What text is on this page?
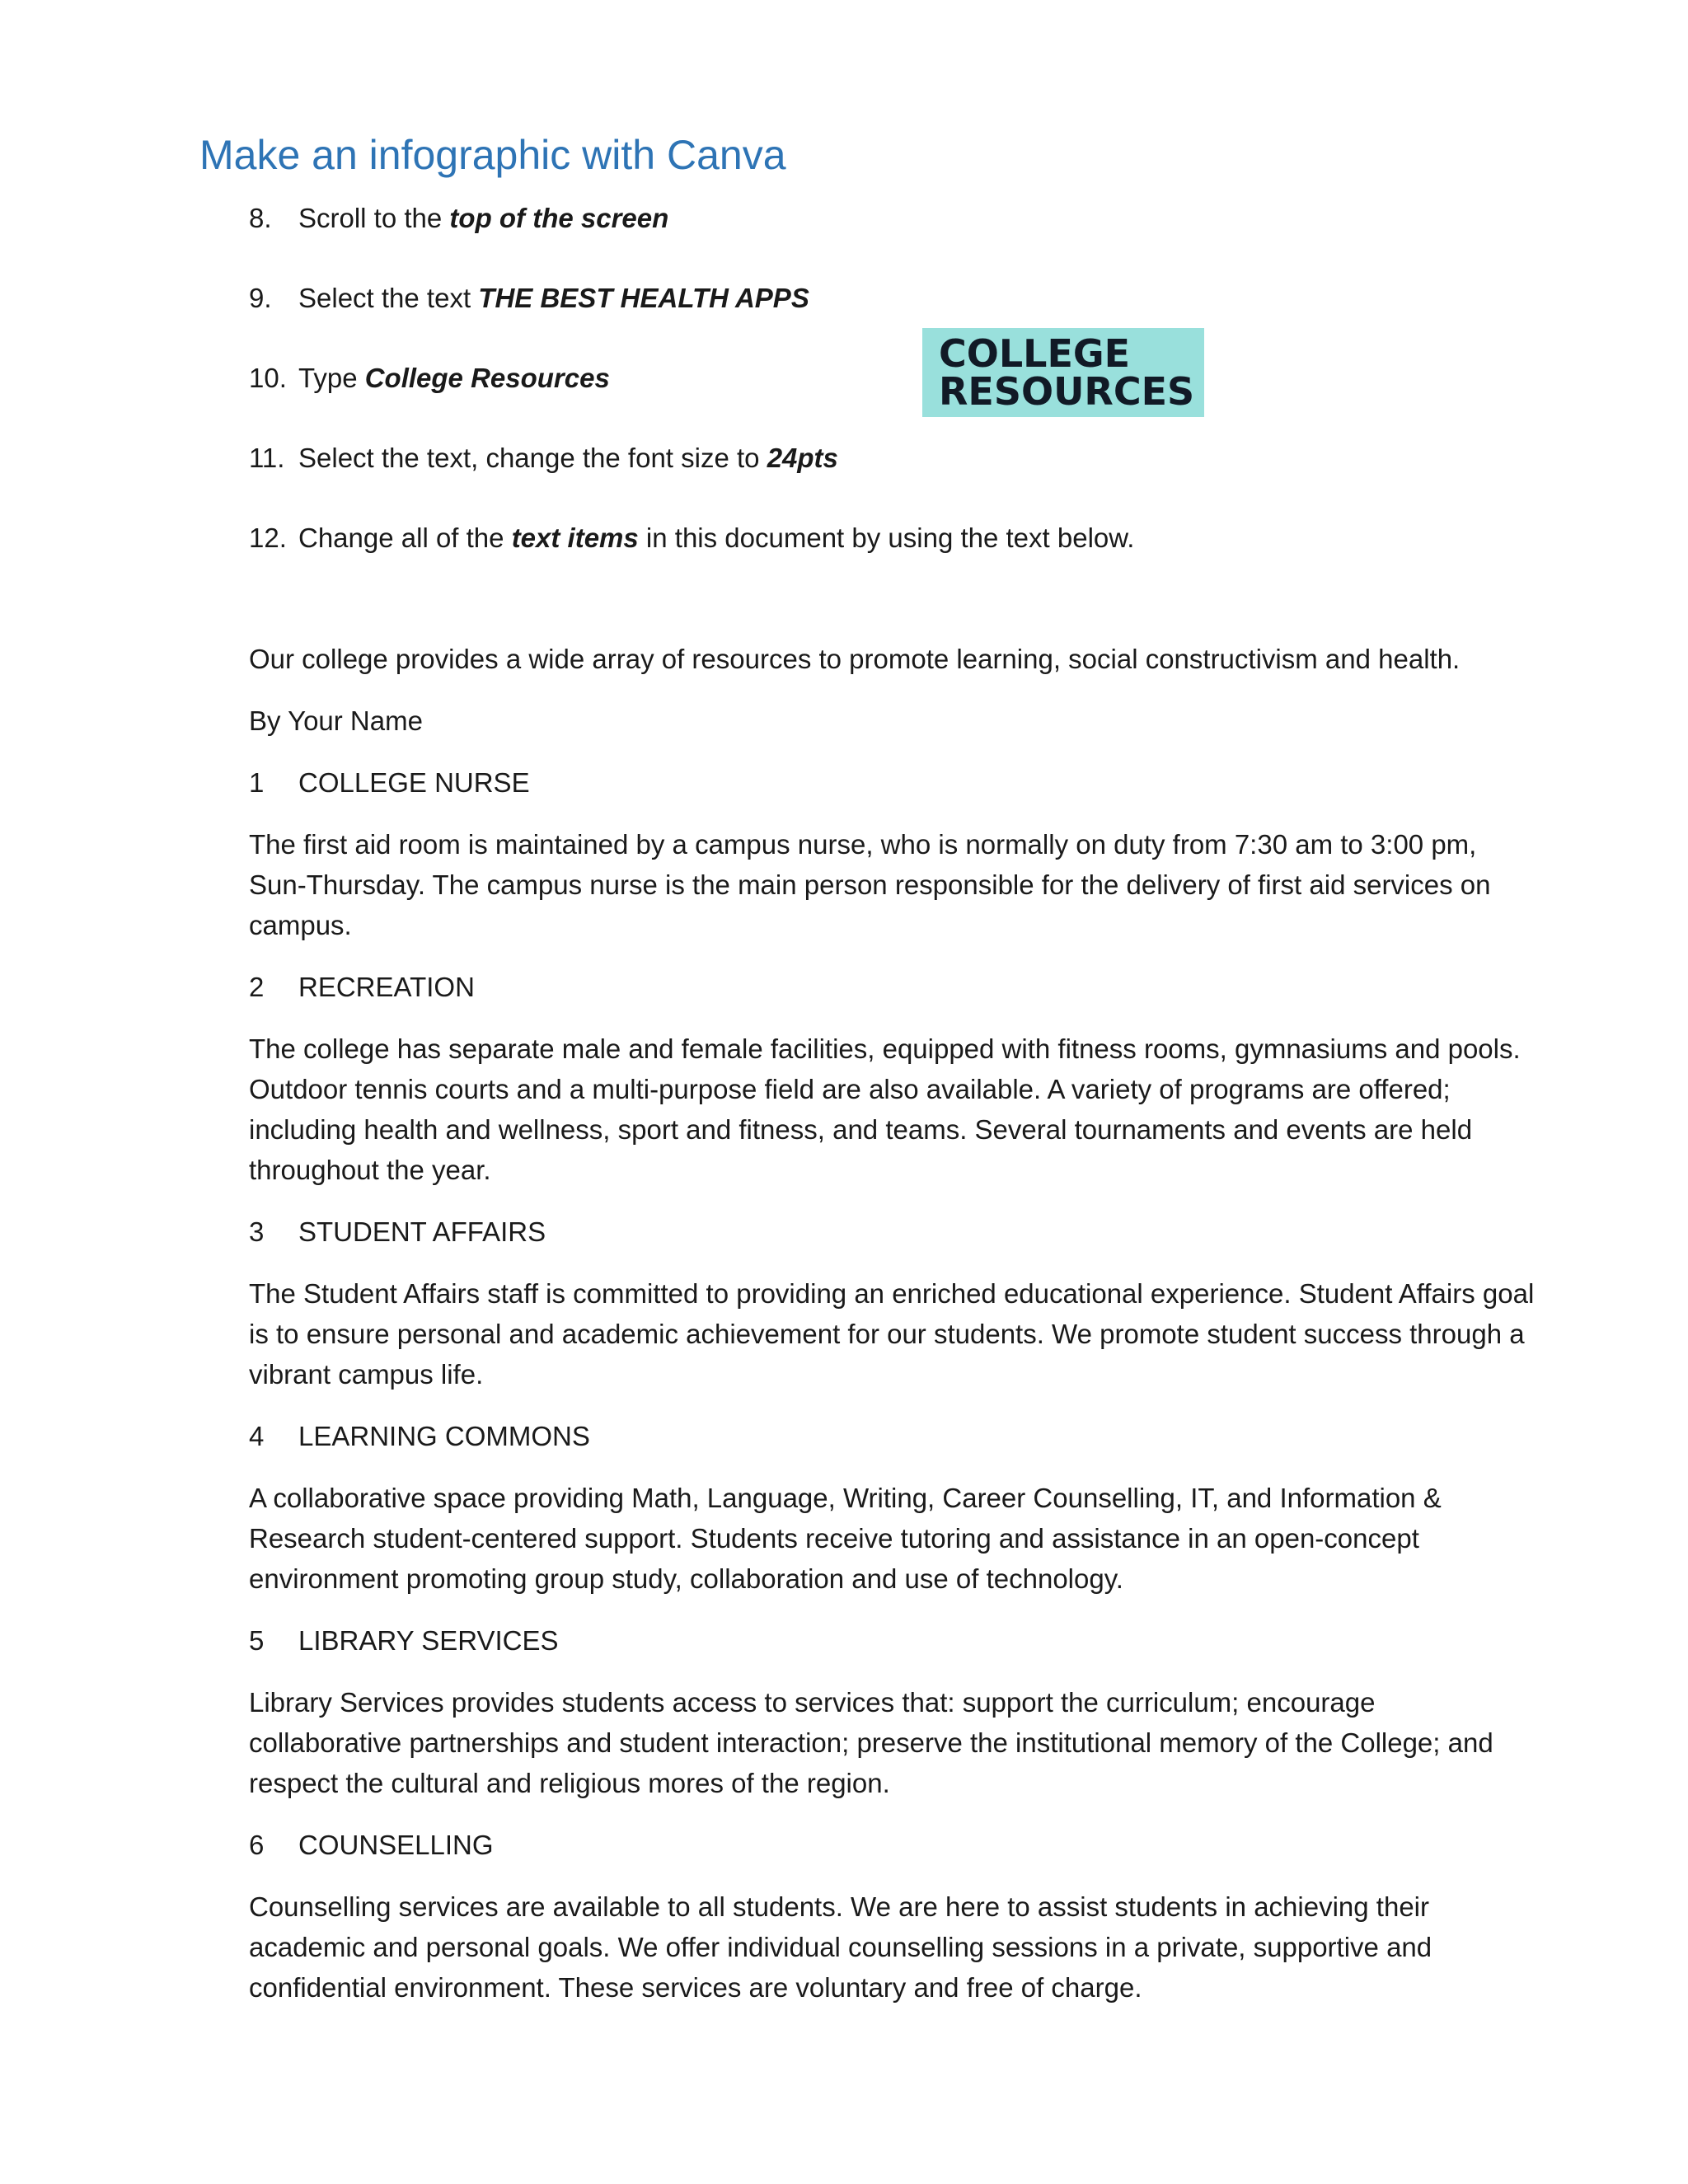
Make an infographic with Canva
8. Scroll to the top of the screen
9. Select the text THE BEST HEALTH APPS
10. Type College Resources
11. Select the text, change the font size to 24pts
12. Change all of the text items in this document by using the text below.
COLLEGE
RESOURCES

Our college provides a wide array of resources to promote learning, social constructivism and health.

By Your Name

1 COLLEGE NURSE

The first aid room is maintained by a campus nurse, who is normally on duty from 7:30 am to 3:00 pm, Sun-Thursday. The campus nurse is the main person responsible for the delivery of first aid services on campus.

2 RECREATION

The college has separate male and female facilities, equipped with fitness rooms, gymnasiums and pools. Outdoor tennis courts and a multi-purpose field are also available. A variety of programs are offered; including health and wellness, sport and fitness, and teams. Several tournaments and events are held throughout the year.

3 STUDENT AFFAIRS

The Student Affairs staff is committed to providing an enriched educational experience. Student Affairs goal is to ensure personal and academic achievement for our students. We promote student success through a vibrant campus life.

4 LEARNING COMMONS

A collaborative space providing Math, Language, Writing, Career Counselling, IT, and Information & Research student-centered support. Students receive tutoring and assistance in an open-concept environment promoting group study, collaboration and use of technology.

5 LIBRARY SERVICES

Library Services provides students access to services that: support the curriculum; encourage collaborative partnerships and student interaction; preserve the institutional memory of the College; and respect the cultural and religious mores of the region.

6 COUNSELLING

Counselling services are available to all students. We are here to assist students in achieving their academic and personal goals. We offer individual counselling sessions in a private, supportive and confidential environment. These services are voluntary and free of charge.
